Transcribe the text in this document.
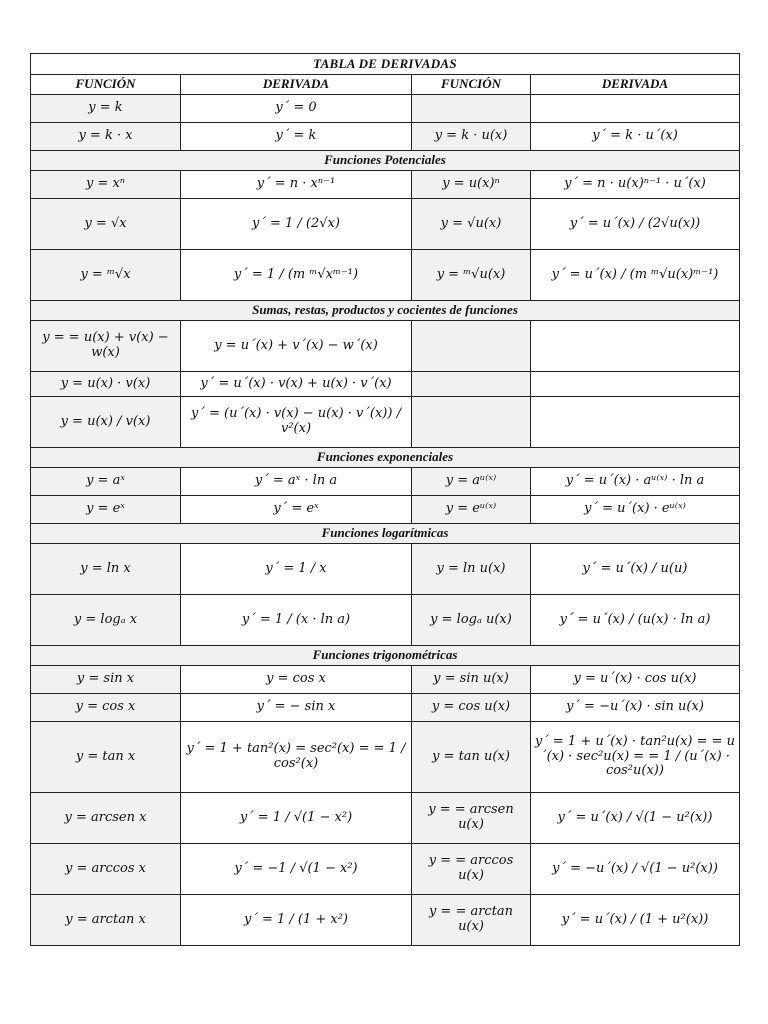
TABLA DE DERIVADAS			
FUNCIÓN	DERIVADA	FUNCIÓN	DERIVADA
y = k	y´ = 0		
y = k · x	y´ = k	y = k · u(x)	y´ = k · u´(x)
Funciones Potenciales			
y = xⁿ	y´ = n · xⁿ⁻¹	y = u(x)ⁿ	y´ = n · u(x)ⁿ⁻¹ · u´(x)
y = √x	y´ = 1 / (2√x)	y = √u(x)	y´ = u´(x) / (2√u(x))
y = ᵐ√x	y´ = 1 / (m ᵐ√xᵐ⁻¹)	y = ᵐ√u(x)	y´ = u´(x) / (m ᵐ√u(x)ᵐ⁻¹)
Sumas, restas, productos y cocientes de funciones			
y = = u(x) + v(x) − w(x)	y = u´(x) + v´(x) − w´(x)		
y = u(x) · v(x)	y´ = u´(x) · v(x) + u(x) · v´(x)		
y = u(x) / v(x)	y´ = (u´(x) · v(x) − u(x) · v´(x)) / v²(x)		
Funciones exponenciales			
y = aˣ	y´ = aˣ · ln a	y = aᵘ⁽ˣ⁾	y´ = u´(x) · aᵘ⁽ˣ⁾ · ln a
y = eˣ	y´ = eˣ	y = eᵘ⁽ˣ⁾	y´ = u´(x) · eᵘ⁽ˣ⁾
Funciones logarítmicas			
y = ln x	y´ = 1 / x	y = ln u(x)	y´ = u´(x) / u(u)
y = logₐ x	y´ = 1 / (x · ln a)	y = logₐ u(x)	y´ = u´(x) / (u(x) · ln a)
Funciones trigonométricas			
y = sin x	y = cos x	y = sin u(x)	y = u´(x) · cos u(x)
y = cos x	y´ = − sin x	y = cos u(x)	y´ = −u´(x) · sin u(x)
y = tan x	y´ = 1 + tan²(x) = sec²(x) = = 1 / cos²(x)	y = tan u(x)	y´ = 1 + u´(x) · tan²u(x) = = u´(x) · sec²u(x) = = 1 / (u´(x) · cos²u(x))
y = arcsen x	y´ = 1 / √(1 − x²)	y = = arcsen u(x)	y´ = u´(x) / √(1 − u²(x))
y = arccos x	y´ = −1 / √(1 − x²)	y = = arccos u(x)	y´ = −u´(x) / √(1 − u²(x))
y = arctan x	y´ = 1 / (1 + x²)	y = = arctan u(x)	y´ = u´(x) / (1 + u²(x))
